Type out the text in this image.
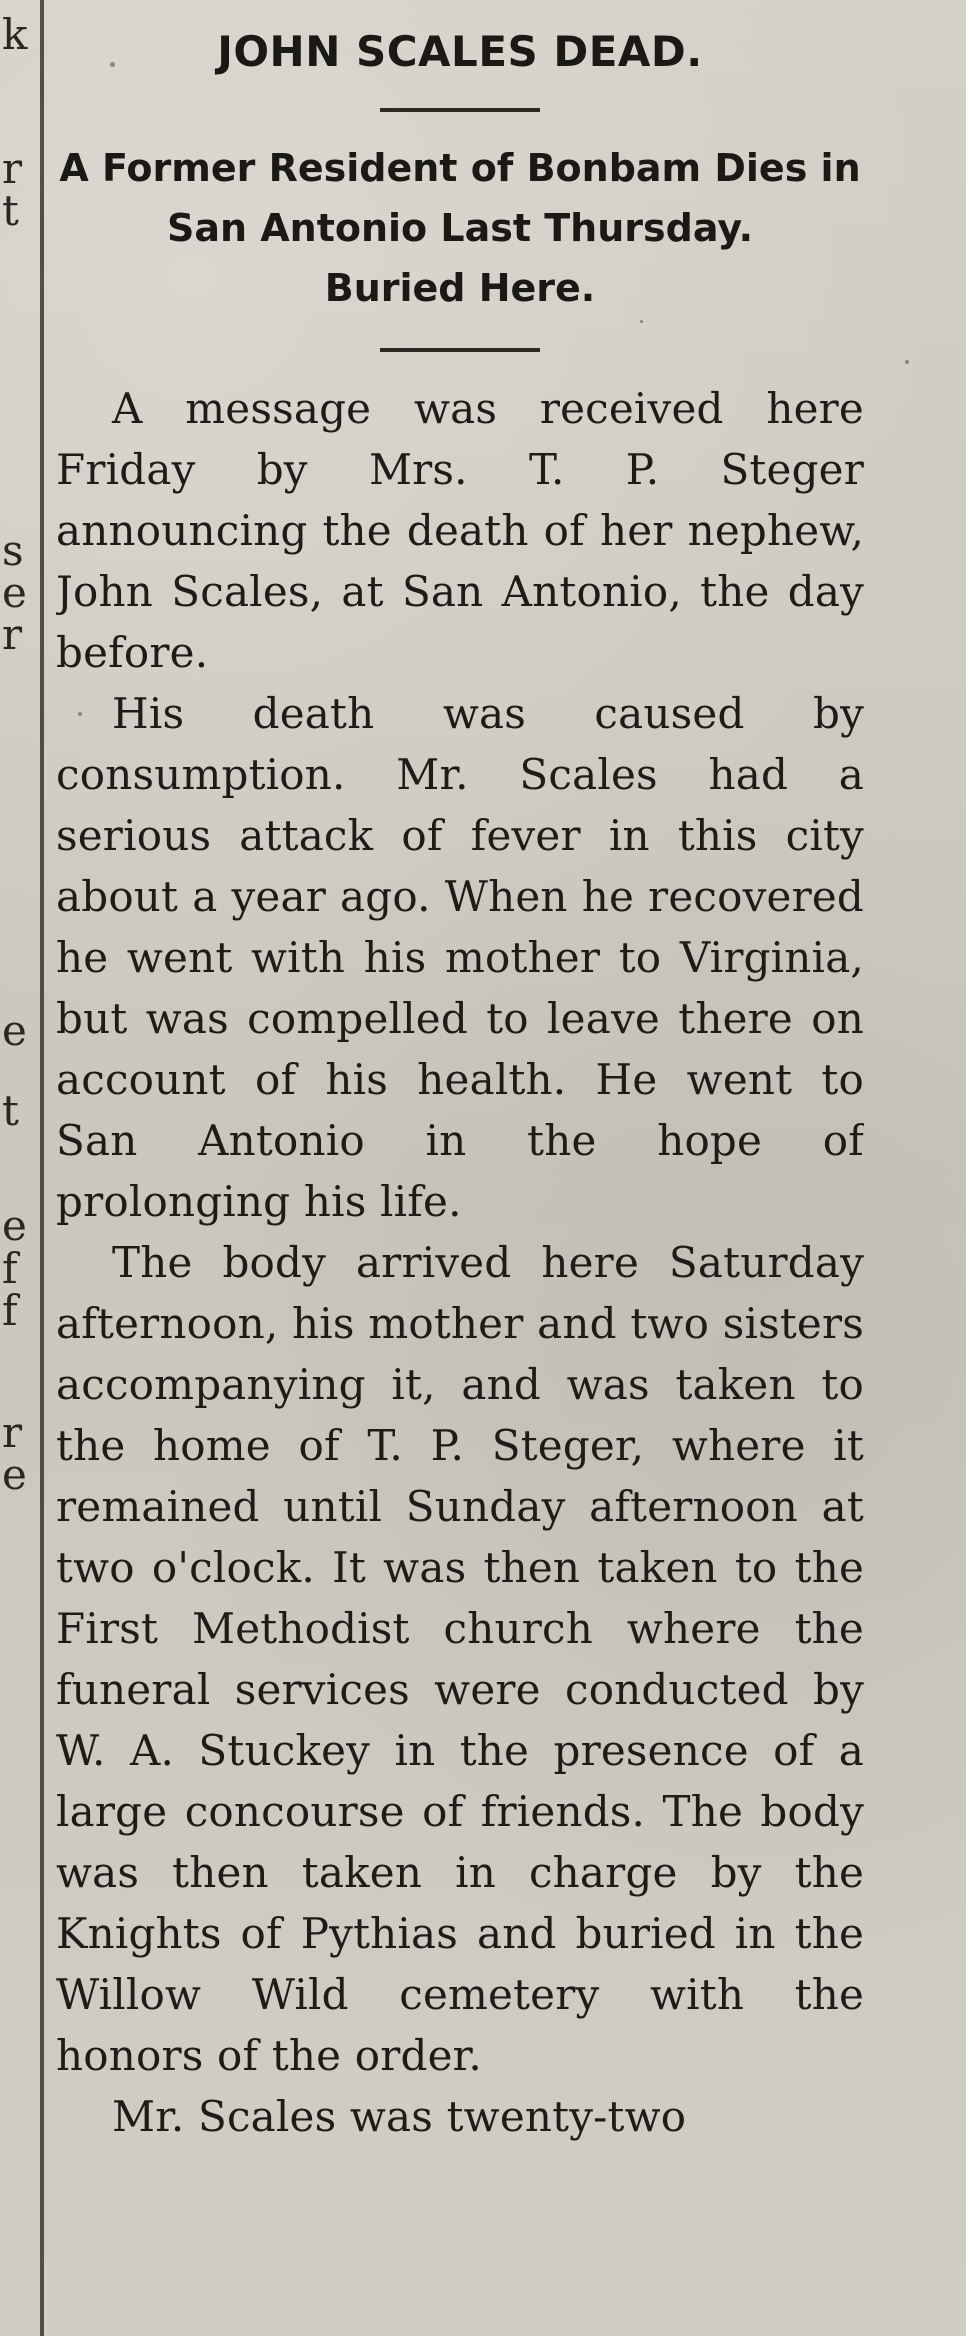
k
r
t
s
e
r
e
t
e
f
f
r
e
JOHN SCALES DEAD.
A Former Resident of Bonbam Dies in
San Antonio Last Thursday.
Buried Here.

A message was received here Friday by Mrs. T. P. Steger announcing the death of her nephew, John Scales, at San Antonio, the day before.

His death was caused by consumption. Mr. Scales had a serious attack of fever in this city about a year ago. When he recovered he went with his mother to Virginia, but was compelled to leave there on account of his health. He went to San Antonio in the hope of prolonging his life.

The body arrived here Saturday afternoon, his mother and two sisters accompanying it, and was taken to the home of T. P. Steger, where it remained until Sunday afternoon at two o'clock. It was then taken to the First Methodist church where the funeral services were conducted by W. A. Stuckey in the presence of a large concourse of friends. The body was then taken in charge by the Knights of Pythias and buried in the Willow Wild cemetery with the honors of the order.

Mr. Scales was twenty-two
